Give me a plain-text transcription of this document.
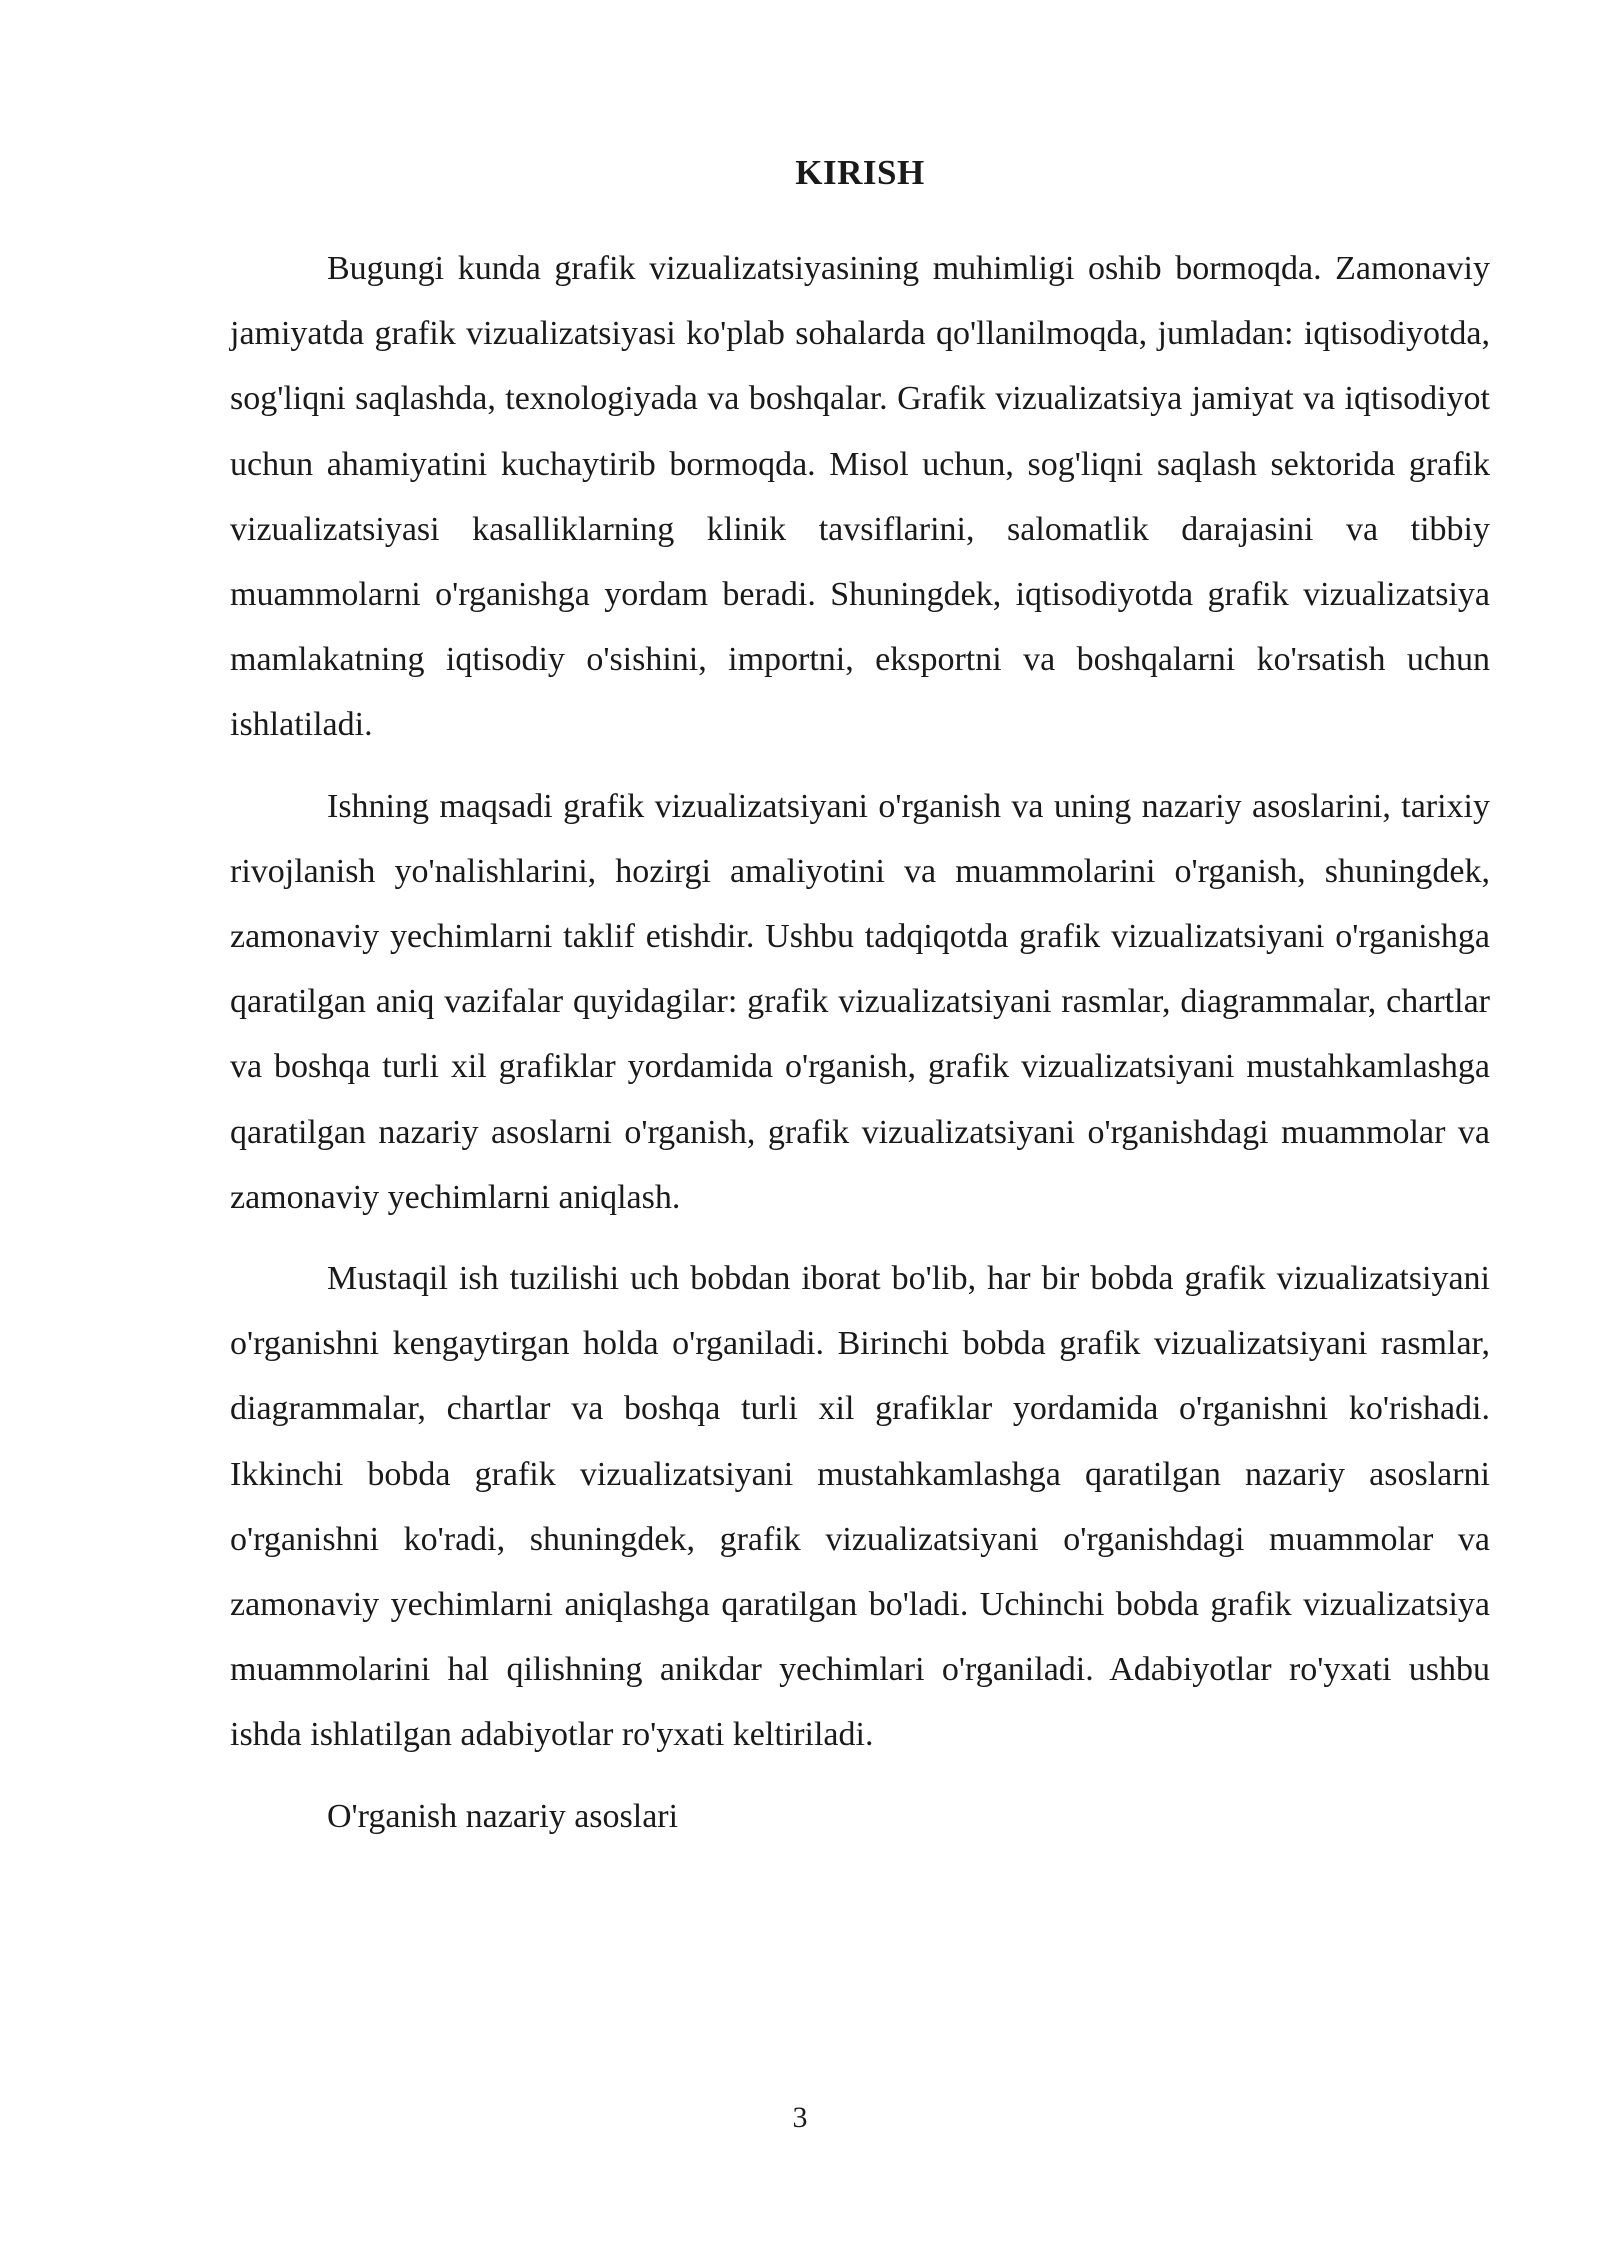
KIRISH

Bugungi kunda grafik vizualizatsiyasining muhimligi oshib bormoqda. Zamonaviy jamiyatda grafik vizualizatsiyasi ko'plab sohalarda qo'llanilmoqda, jumladan: iqtisodiyotda, sog'liqni saqlashda, texnologiyada va boshqalar. Grafik vizualizatsiya jamiyat va iqtisodiyot uchun ahamiyatini kuchaytirib bormoqda. Misol uchun, sog'liqni saqlash sektorida grafik vizualizatsiyasi kasalliklarning klinik tavsiflarini, salomatlik darajasini va tibbiy muammolarni o'rganishga yordam beradi. Shuningdek, iqtisodiyotda grafik vizualizatsiya mamlakatning iqtisodiy o'sishini, importni, eksportni va boshqalarni ko'rsatish uchun ishlatiladi.

Ishning maqsadi grafik vizualizatsiyani o'rganish va uning nazariy asoslarini, tarixiy rivojlanish yo'nalishlarini, hozirgi amaliyotini va muammolarini o'rganish, shuningdek, zamonaviy yechimlarni taklif etishdir. Ushbu tadqiqotda grafik vizualizatsiyani o'rganishga qaratilgan aniq vazifalar quyidagilar: grafik vizualizatsiyani rasmlar, diagrammalar, chartlar va boshqa turli xil grafiklar yordamida o'rganish, grafik vizualizatsiyani mustahkamlashga qaratilgan nazariy asoslarni o'rganish, grafik vizualizatsiyani o'rganishdagi muammolar va zamonaviy yechimlarni aniqlash.

Mustaqil ish tuzilishi uch bobdan iborat bo'lib, har bir bobda grafik vizualizatsiyani o'rganishni kengaytirgan holda o'rganiladi. Birinchi bobda grafik vizualizatsiyani rasmlar, diagrammalar, chartlar va boshqa turli xil grafiklar yordamida o'rganishni ko'rishadi. Ikkinchi bobda grafik vizualizatsiyani mustahkamlashga qaratilgan nazariy asoslarni o'rganishni ko'radi, shuningdek, grafik vizualizatsiyani o'rganishdagi muammolar va zamonaviy yechimlarni aniqlashga qaratilgan bo'ladi. Uchinchi bobda grafik vizualizatsiya muammolarini hal qilishning anikdar yechimlari o'rganiladi. Adabiyotlar ro'yxati ushbu ishda ishlatilgan adabiyotlar ro'yxati keltiriladi.

O'rganish nazariy asoslari

3
